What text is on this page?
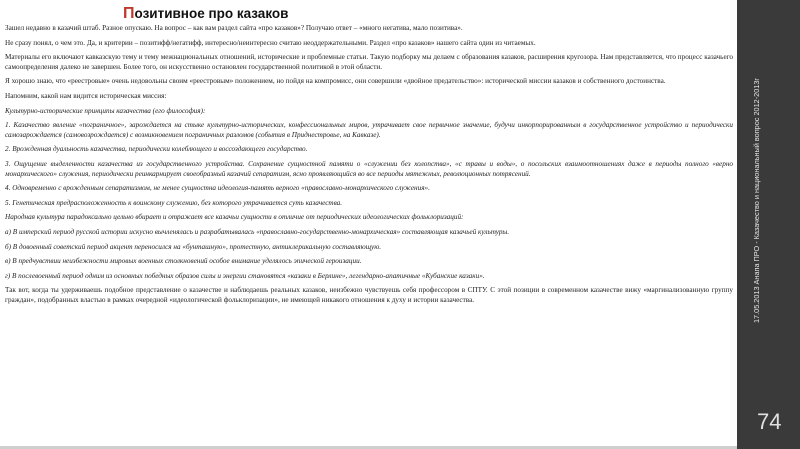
Позитивное про казаков
Зашел недавно в казачий штаб. Разное опускаю. На вопрос – как вам раздел сайта «про казаков»? Получаю ответ – «много негатива, мало позитива».
Не сразу понял, о чем это. Да, и критерии – позитифф/негатифф, интересно/неинтересно считаю неоддержательными. Раздел «про казаков» нашего сайта один из читаемых.
Материалы его включают кавказскую тему и тему межнациональных отношений, исторические и проблемные статьи. Такую подборку мы делаем с образования казаков, расширения кругозора. Нам представляется, что процесс казачьего самоопределения далеко не завершен. Более того, он искусственно остановлен государственной политикой в этой области.
Я хорошо знаю, что «реестровые» очень недовольны своим «реестровым» положением, но пойдя на компромисс, они совершили «двойное предательство»: исторической миссии казаков и собственного достоинства.
Напомним, какой нам видится историческая миссия:
Культурно-исторические принципы казачества (его философия):
1. Казачество явление «пограничное», зарождается на стыке культурно-исторических, конфессиональных миров, утрачивает свое первичное значение, будучи инкорпорированным в государственное устройство и периодически самозарождается (самовозрождается) с возникновением пограничных разломов (события в Приднестровье, на Кавказе).
2. Врожденная дуальность казачества, периодически колеблющего и воссоздающего государство.
3. Ощущение выделенности казачества из государственного устройства. Сохранение сущностной памяти о «служении без холопства», «с травы и воды», о посольских взаимоотношениях даже в периоды полного «верно монархического» служения, периодически реинкарнирует своеобразный казачий сепаратизм, ясно проявляющийся во все периоды мятежных, революционных потрясений.
4. Одновременно с врожденным сепаратизмом, не менее сущностна идеология-память верного «православно-монархического служения».
5. Генетическая предрасположенность к воинскому служению, без которого утрачивается суть казачества.
Народная культура парадоксально цельно вбирает и отражает все казачьи сущности в отличие от периодических идеологических фольклоризаций:
а) В имперский период русской истории искусно вычленялась и разрабатывалась «православно-государственно-монархическая» составляющая казачьей культуры.
б) В довоенный советский период акцент переносился на «бунташную», протестную, антиклерикальную составляющую.
в) В предчувствии неизбежности мировых военных столкновений особое внимание уделялось эпической героизации.
г) В послевоенный период одним из основных победных образов силы и энергии становятся «казаки в Берлине», легендарно-апатичные «Кубанские казаки».
Так вот, когда ты удерживаешь подобное представление о казачестве и наблюдаешь реальных казаков, неизбежно чувствуешь себя профессором в СПТУ. С этой позиции в современном казачестве вижу «маргинализованную группу граждан», подобранных властью в рамках очередной «идеологической фольклоризации», не имеющей никакого отношения к духу и истории казачества.	17.05.2013 Анапа ПРО - Казачество и национальный вопрос 2012-2013г
74
